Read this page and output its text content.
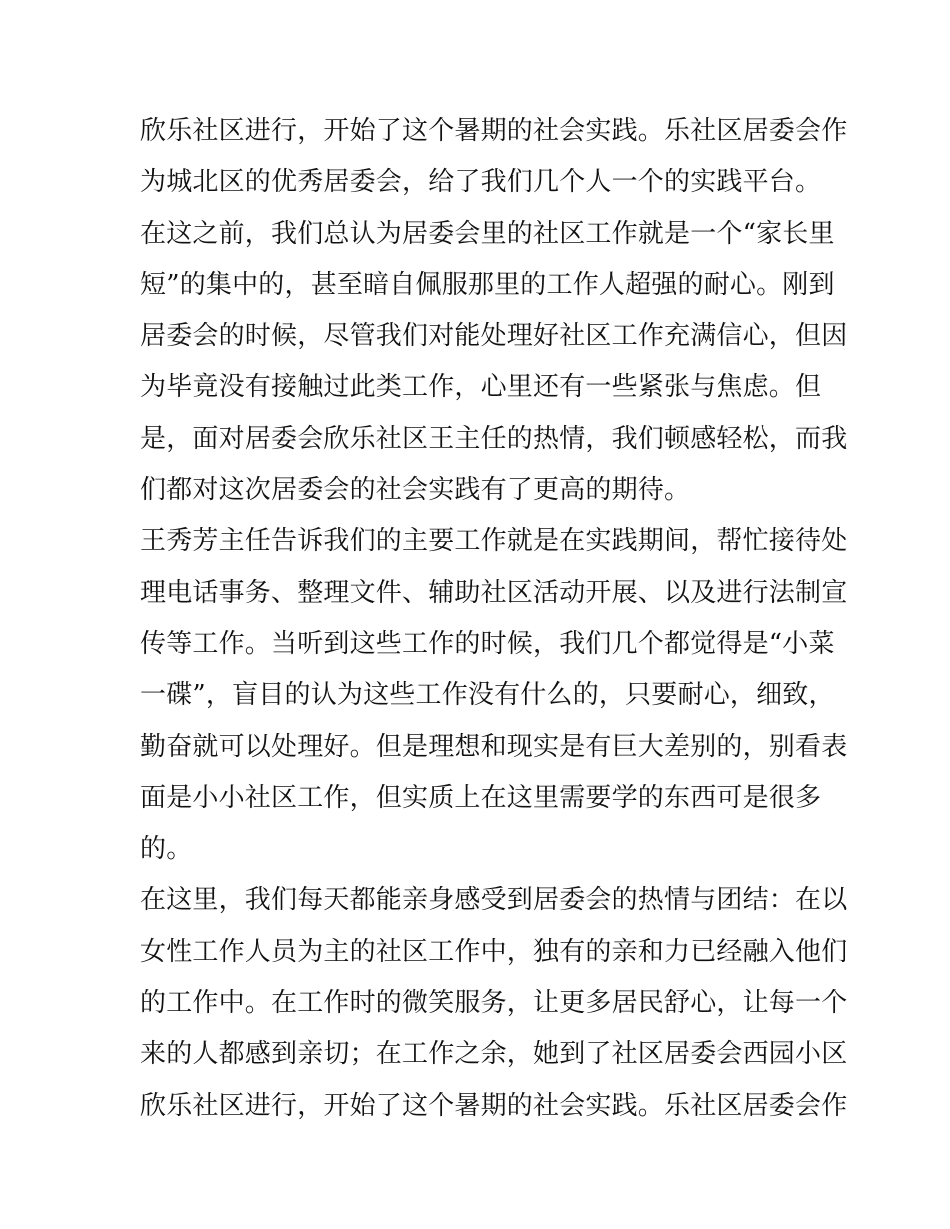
欣乐社区进行，开始了这个暑期的社会实践。乐社区居委会作
为城北区的优秀居委会，给了我们几个人一个的实践平台。
在这之前，我们总认为居委会里的社区工作就是一个“家长里
短”的集中的，甚至暗自佩服那里的工作人超强的耐心。刚到
居委会的时候，尽管我们对能处理好社区工作充满信心，但因
为毕竟没有接触过此类工作，心里还有一些紧张与焦虑。但
是，面对居委会欣乐社区王主任的热情，我们顿感轻松，而我
们都对这次居委会的社会实践有了更高的期待。
王秀芳主任告诉我们的主要工作就是在实践期间，帮忙接待处
理电话事务、整理文件、辅助社区活动开展、以及进行法制宣
传等工作。当听到这些工作的时候，我们几个都觉得是“小菜
一碟”，盲目的认为这些工作没有什么的，只要耐心，细致，
勤奋就可以处理好。但是理想和现实是有巨大差别的，别看表
面是小小社区工作，但实质上在这里需要学的东西可是很多
的。
在这里，我们每天都能亲身感受到居委会的热情与团结：在以
女性工作人员为主的社区工作中，独有的亲和力已经融入他们
的工作中。在工作时的微笑服务，让更多居民舒心，让每一个
来的人都感到亲切；在工作之余，她到了社区居委会西园小区
欣乐社区进行，开始了这个暑期的社会实践。乐社区居委会作
